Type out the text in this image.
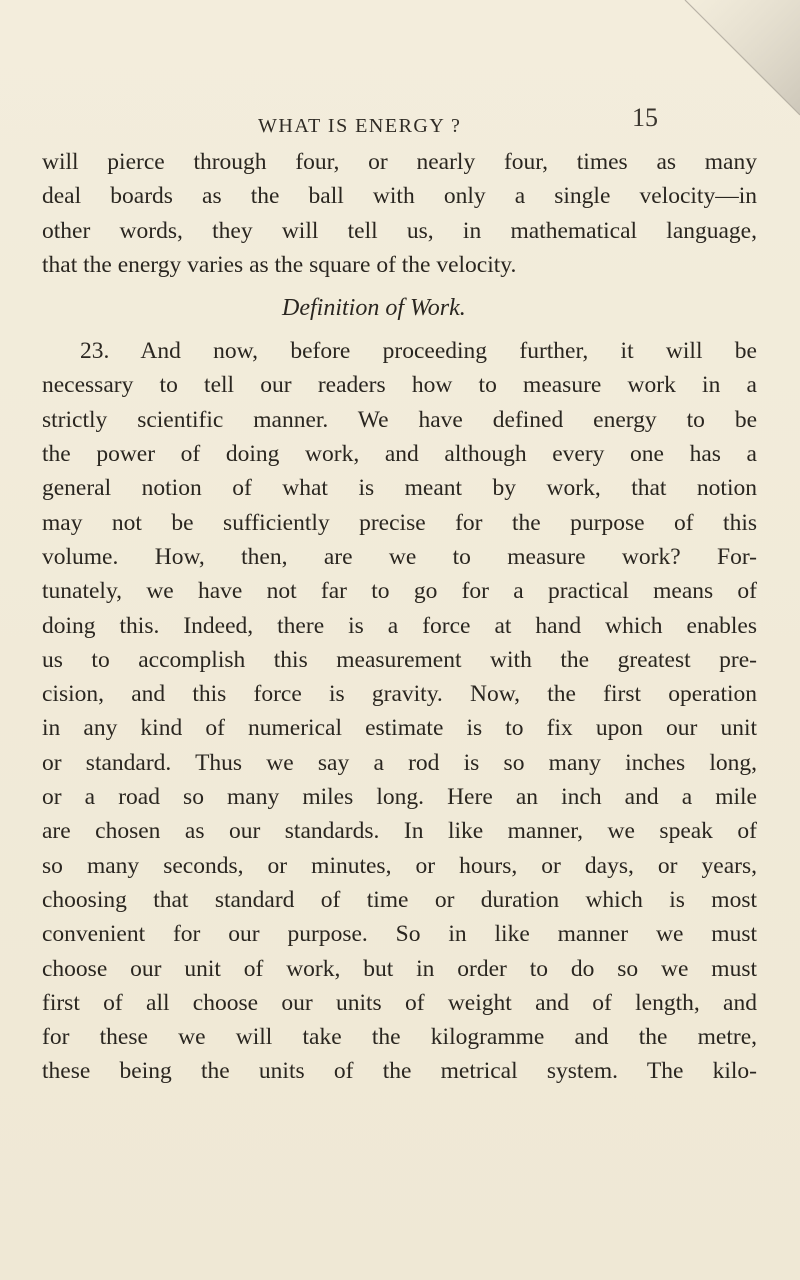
WHAT IS ENERGY ?	15
will pierce through four, or nearly four, times as many
deal boards as the ball with only a single velocity—in
other words, they will tell us, in mathematical language,
that the energy varies as the square of the velocity.
Definition of Work.
23. And now, before proceeding further, it will be
necessary to tell our readers how to measure work in a
strictly scientific manner. We have defined energy to be
the power of doing work, and although every one has a
general notion of what is meant by work, that notion
may not be sufficiently precise for the purpose of this
volume. How, then, are we to measure work? For-
tunately, we have not far to go for a practical means of
doing this. Indeed, there is a force at hand which enables
us to accomplish this measurement with the greatest pre-
cision, and this force is gravity. Now, the first operation
in any kind of numerical estimate is to fix upon our unit
or standard. Thus we say a rod is so many inches long,
or a road so many miles long. Here an inch and a mile
are chosen as our standards. In like manner, we speak of
so many seconds, or minutes, or hours, or days, or years,
choosing that standard of time or duration which is most
convenient for our purpose. So in like manner we must
choose our unit of work, but in order to do so we must
first of all choose our units of weight and of length, and
for these we will take the kilogramme and the metre,
these being the units of the metrical system. The kilo-
